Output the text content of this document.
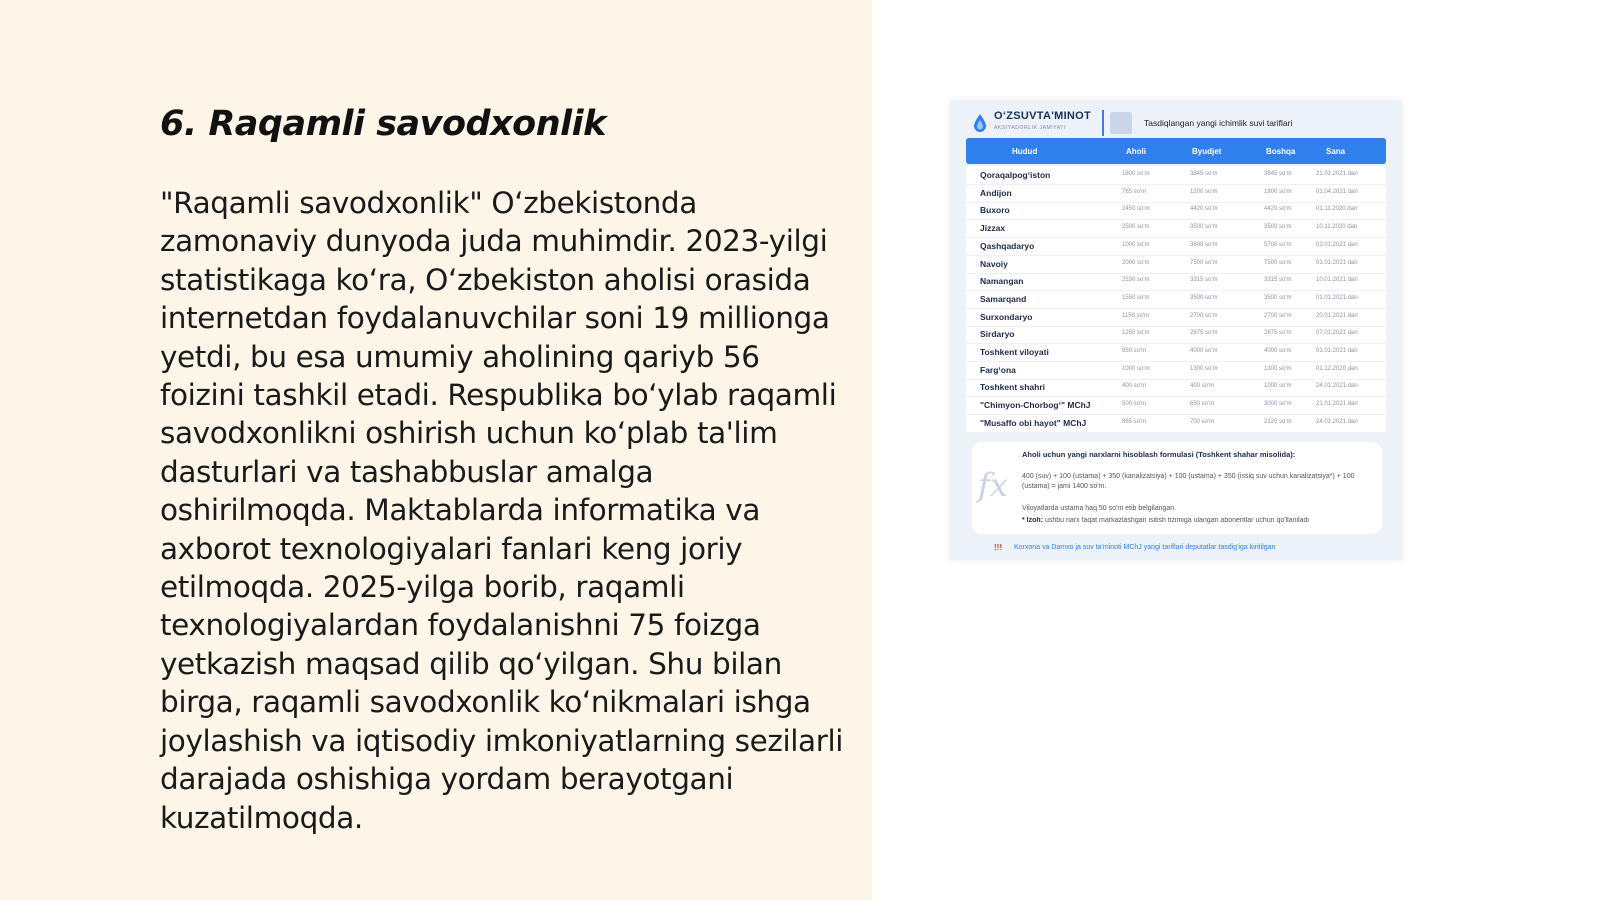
6. Raqamli savodxonlik

"Raqamli savodxonlik" O‘zbekistonda zamonaviy dunyoda juda muhimdir. 2023-yilgi statistikaga ko‘ra, O‘zbekiston aholisi orasida internetdan foydalanuvchilar soni 19 millionga yetdi, bu esa umumiy aholining qariyb 56 foizini tashkil etadi. Respublika bo‘ylab raqamli savodxonlikni oshirish uchun ko‘plab ta'lim dasturlari va tashabbuslar amalga oshirilmoqda. Maktablarda informatika va axborot texnologiyalari fanlari keng joriy etilmoqda. 2025-yilga borib, raqamli texnologiyalardan foydalanishni 75 foizga yetkazish maqsad qilib qo‘yilgan. Shu bilan birga, raqamli savodxonlik ko‘nikmalari ishga joylashish va iqtisodiy imkoniyatlarning sezilarli darajada oshishiga yordam berayotgani kuzatilmoqda.

O‘ZSUVTA'MINOT
AKSIYADORLIK JAMIYATI	Tasdiqlangan yangi ichimlik suvi tariflari
Hudud	Aholi	Byudjet	Boshqa	Sana
Qoraqalpog‘iston	1800 so'm	3845 so'm	3845 so'm	21.01.2021 dan
Andijon	765 so'm	1200 so'm	1800 so'm	01.04.2021 dan
Buxoro	2450 so'm	4420 so'm	4420 so'm	01.11.2020 dan
Jizzax	2500 so'm	3500 so'm	3500 so'm	10.11.2020 dan
Qashqadaryo	1000 so'm	3800 so'm	5700 so'm	03.01.2021 dan
Navoiy	2000 so'm	7500 so'm	7500 so'm	01.01.2021 dan
Namangan	2530 so'm	3315 so'm	3315 so'm	10.01.2021 dan
Samarqand	1550 so'm	3500 so'm	3500 so'm	01.01.2021 dan
Surxondaryo	1150 so'm	2700 so'm	2700 so'm	20.01.2021 dan
Sirdaryo	1250 so'm	2875 so'm	2875 so'm	07.01.2021 dan
Toshkent viloyati	950 so'm	4000 so'm	4000 so'm	01.01.2021 dan
Farg‘ona	1000 so'm	1300 so'm	1300 so'm	01.12.2020 dan
Toshkent shahri	400 so'm	400 so'm	1000 so'm	24.01.2021 dan
"Chimyon-Chorbog‘" MChJ	500 so'm	650 so'm	3000 so'm	21.01.2021 dan
"Musaffo obi hayot" MChJ	865 so'm	700 so'm	2120 so'm	24.01.2021 dan
fx
Aholi uchun yangi narxlarni hisoblash formulasi (Toshkent shahar misolida):
400 (suv) + 100 (ustama) + 350 (kanalizatsiya) + 100 (ustama) + 350 (issiq suv uchun kanalizatsiya*) + 100 (ustama) = jami 1400 so'm.
Viloyatlarda ustama haq 50 so'm etib belgilangan.
* Izoh: ushbu narx faqat markazlashgan isitish tizimiga ulangan abonentlar uchun qo'llaniladi
!!! Korxona va Damxo ja suv ta'minoti MChJ yangi tariflari deputatlar tasdig'iga kiritilgan
